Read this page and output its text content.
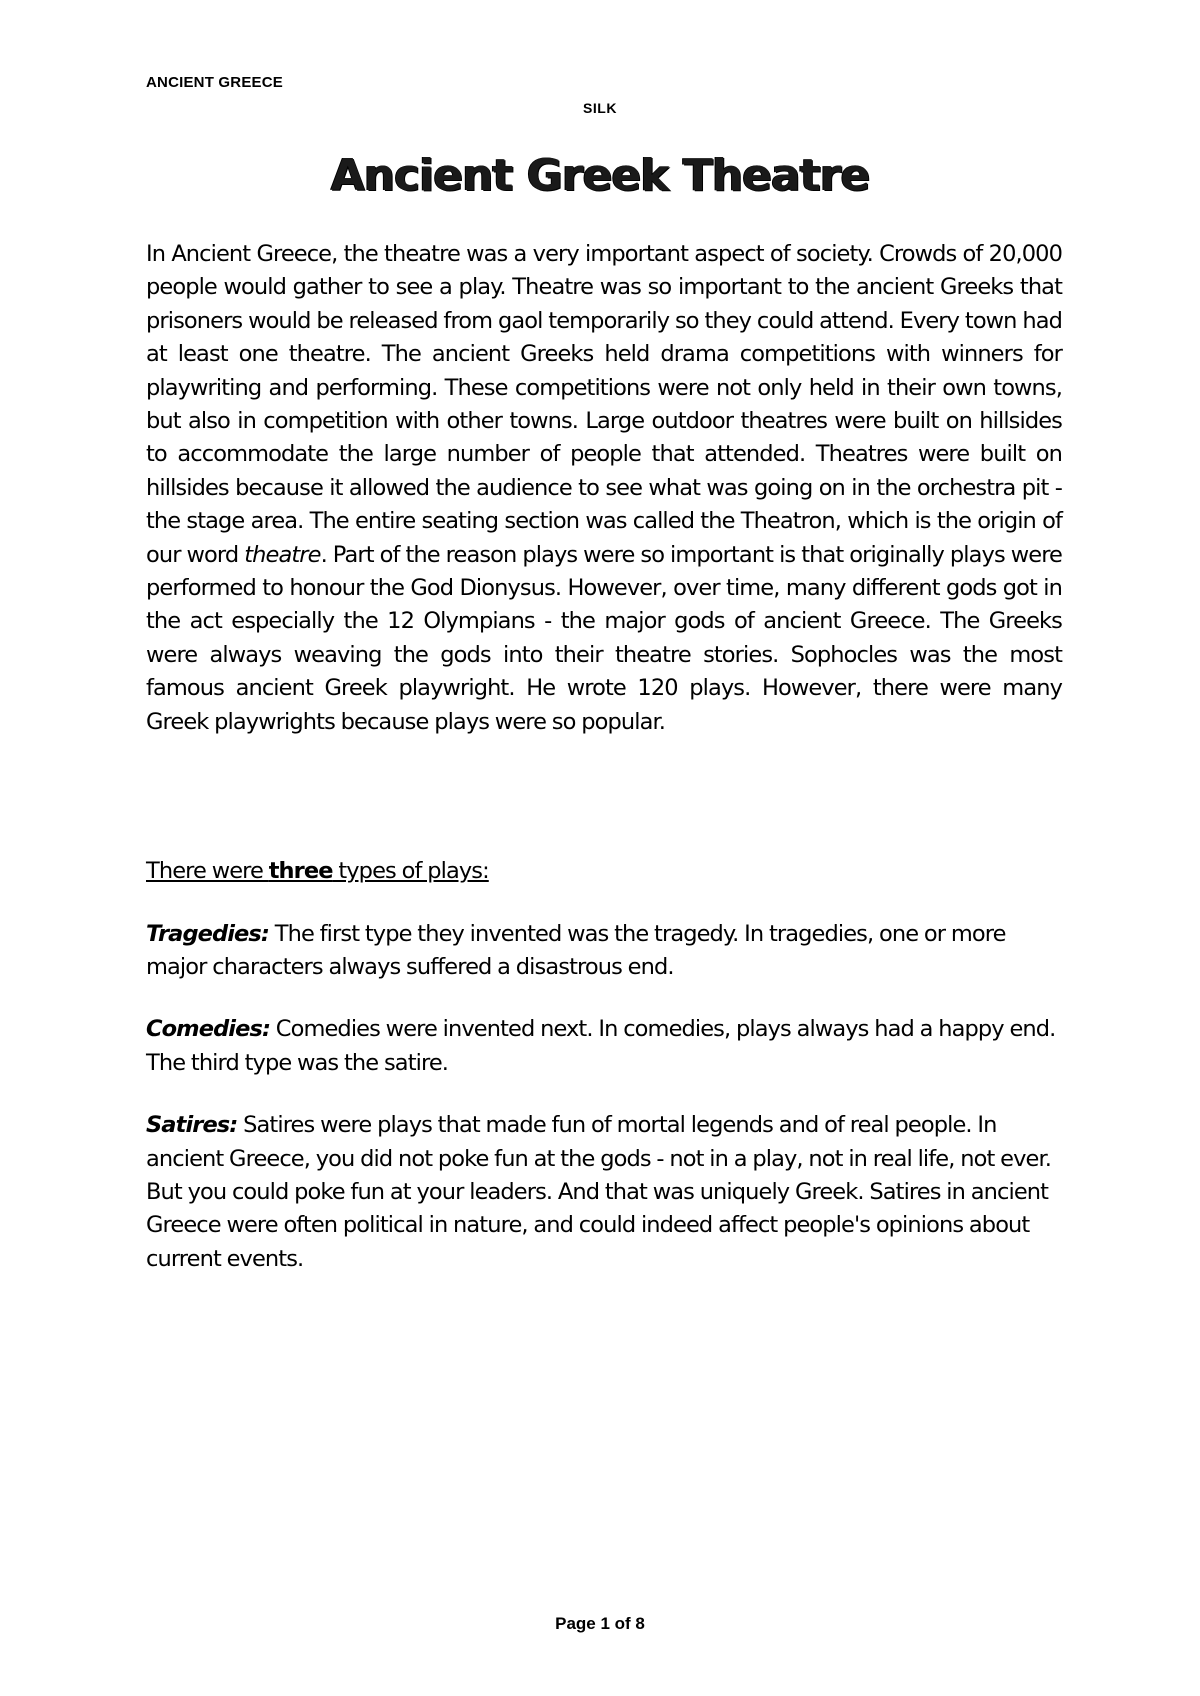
ANCIENT GREECE
SILK
Ancient Greek Theatre

In Ancient Greece, the theatre was a very important aspect of society. Crowds of 20,000 people would gather to see a play. Theatre was so important to the ancient Greeks that prisoners would be released from gaol temporarily so they could attend. Every town had at least one theatre. The ancient Greeks held drama competitions with winners for playwriting and performing. These competitions were not only held in their own towns, but also in competition with other towns. Large outdoor theatres were built on hillsides to accommodate the large number of people that attended. Theatres were built on hillsides because it allowed the audience to see what was going on in the orchestra pit - the stage area. The entire seating section was called the Theatron, which is the origin of our word theatre. Part of the reason plays were so important is that originally plays were performed to honour the God Dionysus. However, over time, many different gods got in the act especially the 12 Olympians - the major gods of ancient Greece. The Greeks were always weaving the gods into their theatre stories. Sophocles was the most famous ancient Greek playwright. He wrote 120 plays. However, there were many Greek playwrights because plays were so popular.

There were three types of plays:

Tragedies: The first type they invented was the tragedy. In tragedies, one or more major characters always suffered a disastrous end.

Comedies: Comedies were invented next. In comedies, plays always had a happy end. The third type was the satire.

Satires: Satires were plays that made fun of mortal legends and of real people. In ancient Greece, you did not poke fun at the gods - not in a play, not in real life, not ever. But you could poke fun at your leaders. And that was uniquely Greek. Satires in ancient Greece were often political in nature, and could indeed affect people's opinions about current events.

Page 1 of 8
